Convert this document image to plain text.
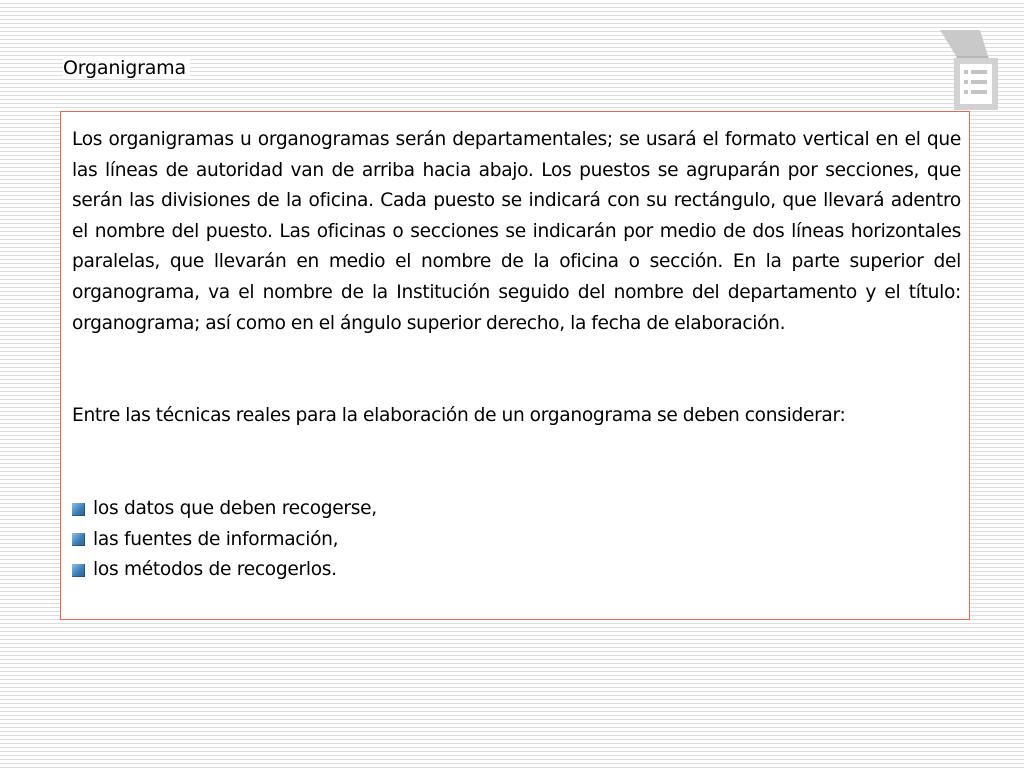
Organigrama

Los organigramas u organogramas serán departamentales; se usará el formato vertical en el que las líneas de autoridad van de arriba hacia abajo. Los puestos se agruparán por secciones, que serán las divisiones de la oficina. Cada puesto se indicará con su rectángulo, que llevará adentro el nombre del puesto. Las oficinas o secciones se indicarán por medio de dos líneas horizontales paralelas, que llevarán en medio el nombre de la oficina o sección. En la parte superior del organograma, va el nombre de la Institución seguido del nombre del departamento y el título: organograma; así como en el ángulo superior derecho, la fecha de elaboración.

Entre las técnicas reales para la elaboración de un organograma se deben considerar:

los datos que deben recogerse,
las fuentes de información,
los métodos de recogerlos.
